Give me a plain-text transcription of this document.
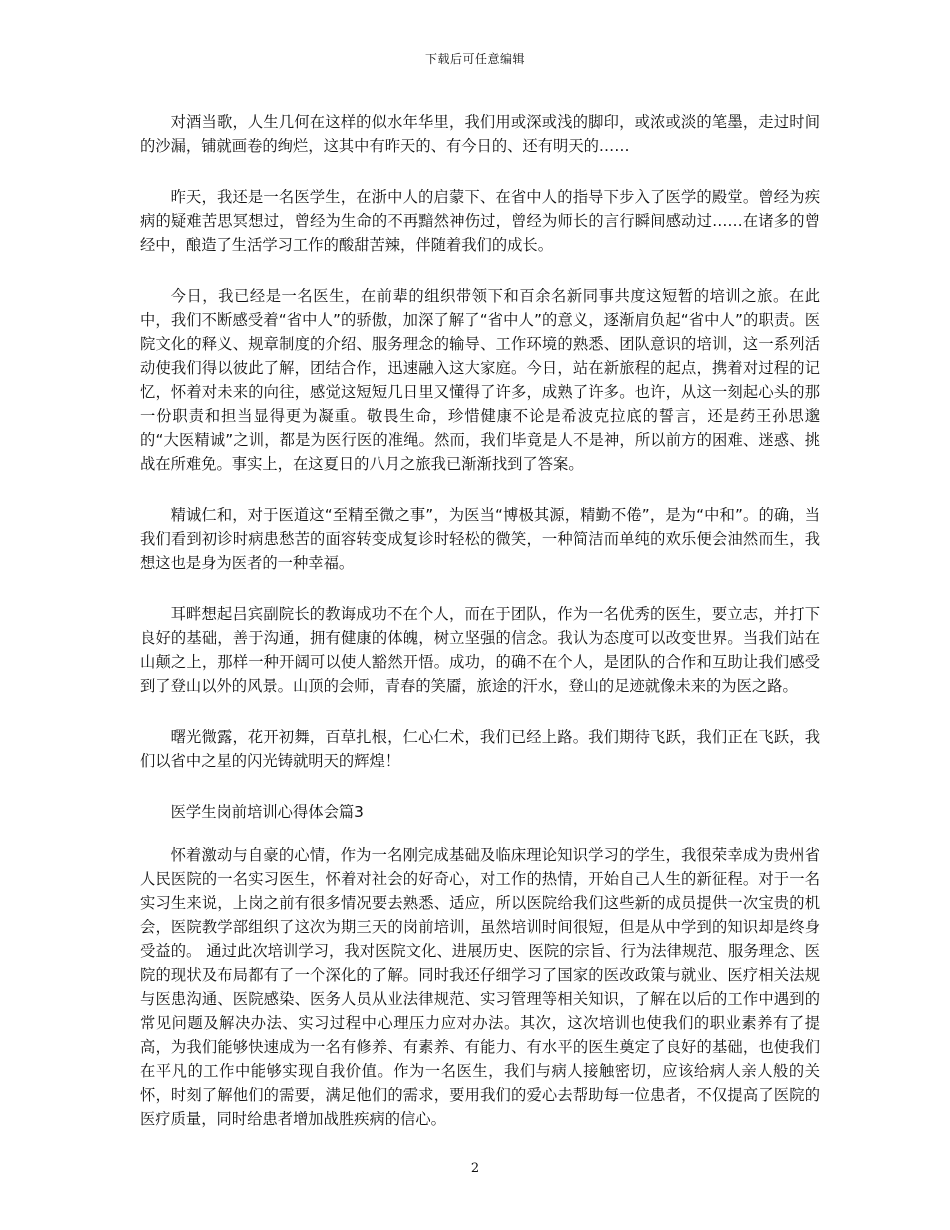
下载后可任意编辑

对酒当歌，人生几何在这样的似水年华里，我们用或深或浅的脚印，或浓或淡的笔墨，走过时间的沙漏，铺就画卷的绚烂，这其中有昨天的、有今日的、还有明天的……

昨天，我还是一名医学生，在浙中人的启蒙下、在省中人的指导下步入了医学的殿堂。曾经为疾病的疑难苦思冥想过，曾经为生命的不再黯然神伤过，曾经为师长的言行瞬间感动过……在诸多的曾经中，酿造了生活学习工作的酸甜苦辣，伴随着我们的成长。

今日，我已经是一名医生，在前辈的组织带领下和百余名新同事共度这短暂的培训之旅。在此中，我们不断感受着“省中人”的骄傲，加深了解了“省中人”的意义，逐渐肩负起“省中人”的职责。医院文化的释义、规章制度的介绍、服务理念的输导、工作环境的熟悉、团队意识的培训，这一系列活动使我们得以彼此了解，团结合作，迅速融入这大家庭。今日，站在新旅程的起点，携着对过程的记忆，怀着对未来的向往，感觉这短短几日里又懂得了许多，成熟了许多。也许，从这一刻起心头的那一份职责和担当显得更为凝重。敬畏生命，珍惜健康不论是希波克拉底的誓言，还是药王孙思邈的“大医精诚”之训，都是为医行医的准绳。然而，我们毕竟是人不是神，所以前方的困难、迷惑、挑战在所难免。事实上，在这夏日的八月之旅我已渐渐找到了答案。

精诚仁和，对于医道这“至精至微之事”，为医当“博极其源，精勤不倦”，是为“中和”。的确，当我们看到初诊时病患愁苦的面容转变成复诊时轻松的微笑，一种简洁而单纯的欢乐便会油然而生，我想这也是身为医者的一种幸福。

耳畔想起吕宾副院长的教诲成功不在个人，而在于团队，作为一名优秀的医生，要立志，并打下良好的基础，善于沟通，拥有健康的体魄，树立坚强的信念。我认为态度可以改变世界。当我们站在山颠之上，那样一种开阔可以使人豁然开悟。成功，的确不在个人，是团队的合作和互助让我们感受到了登山以外的风景。山顶的会师，青春的笑靥，旅途的汗水，登山的足迹就像未来的为医之路。

曙光微露，花开初舞，百草扎根，仁心仁术，我们已经上路。我们期待飞跃，我们正在飞跃，我们以省中之星的闪光铸就明天的辉煌！

医学生岗前培训心得体会篇3

怀着激动与自豪的心情，作为一名刚完成基础及临床理论知识学习的学生，我很荣幸成为贵州省人民医院的一名实习医生，怀着对社会的好奇心，对工作的热情，开始自己人生的新征程。对于一名实习生来说，上岗之前有很多情况要去熟悉、适应，所以医院给我们这些新的成员提供一次宝贵的机会，医院教学部组织了这次为期三天的岗前培训，虽然培训时间很短，但是从中学到的知识却是终身受益的。 通过此次培训学习，我对医院文化、进展历史、医院的宗旨、行为法律规范、服务理念、医院的现状及布局都有了一个深化的了解。同时我还仔细学习了国家的医改政策与就业、医疗相关法规与医患沟通、医院感染、医务人员从业法律规范、实习管理等相关知识，了解在以后的工作中遇到的常见问题及解决办法、实习过程中心理压力应对办法。其次，这次培训也使我们的职业素养有了提高，为我们能够快速成为一名有修养、有素养、有能力、有水平的医生奠定了良好的基础，也使我们在平凡的工作中能够实现自我价值。作为一名医生，我们与病人接触密切，应该给病人亲人般的关怀，时刻了解他们的需要，满足他们的需求，要用我们的爱心去帮助每一位患者，不仅提高了医院的医疗质量，同时给患者增加战胜疾病的信心。

2
